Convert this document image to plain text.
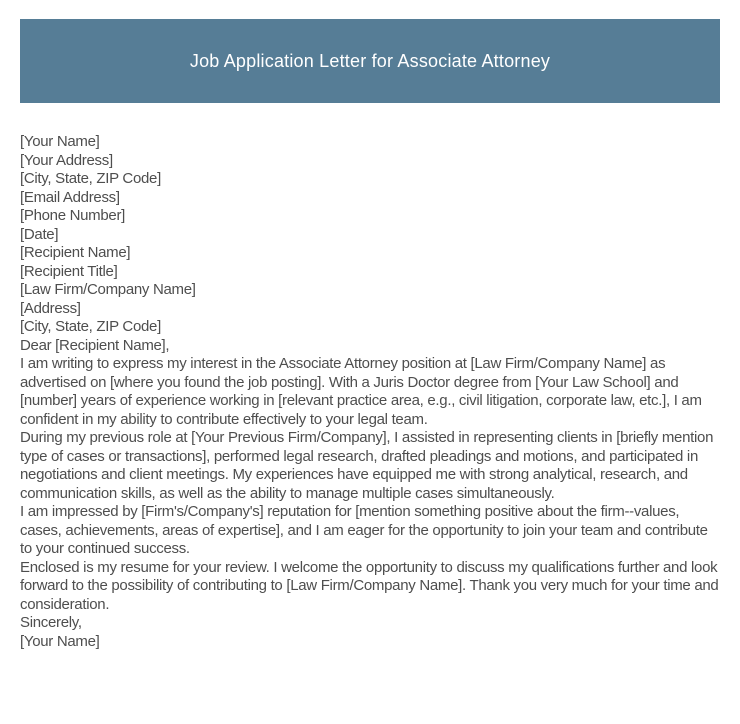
Job Application Letter for Associate Attorney

[Your Name]

[Your Address]

[City, State, ZIP Code]

[Email Address]

[Phone Number]

[Date]

[Recipient Name]

[Recipient Title]

[Law Firm/Company Name]

[Address]

[City, State, ZIP Code]

Dear [Recipient Name],

I am writing to express my interest in the Associate Attorney position at [Law Firm/Company Name] as advertised on [where you found the job posting]. With a Juris Doctor degree from [Your Law School] and [number] years of experience working in [relevant practice area, e.g., civil litigation, corporate law, etc.], I am confident in my ability to contribute effectively to your legal team.

During my previous role at [Your Previous Firm/Company], I assisted in representing clients in [briefly mention type of cases or transactions], performed legal research, drafted pleadings and motions, and participated in negotiations and client meetings. My experiences have equipped me with strong analytical, research, and communication skills, as well as the ability to manage multiple cases simultaneously.

I am impressed by [Firm's/Company's] reputation for [mention something positive about the firm--values, cases, achievements, areas of expertise], and I am eager for the opportunity to join your team and contribute to your continued success.

Enclosed is my resume for your review. I welcome the opportunity to discuss my qualifications further and look forward to the possibility of contributing to [Law Firm/Company Name]. Thank you very much for your time and consideration.

Sincerely,

[Your Name]
